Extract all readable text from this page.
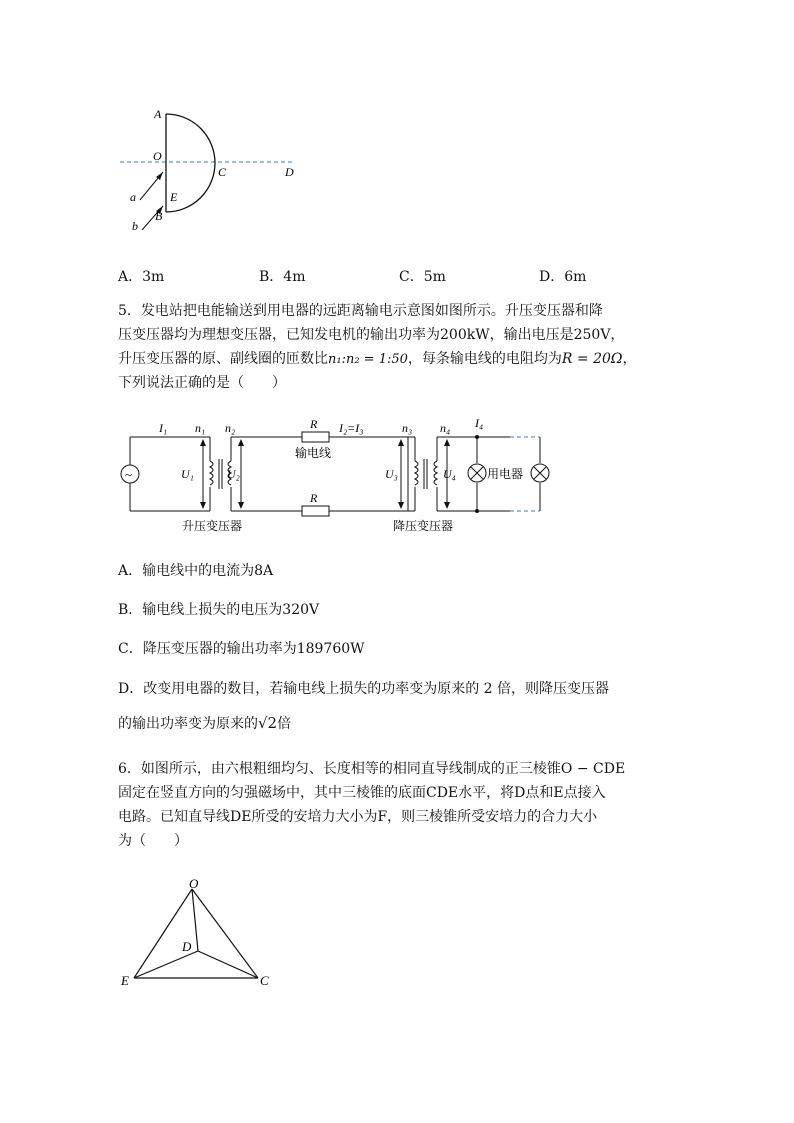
A
O
E
B
C	D
a
b
A．3m	B．4m	C．5m	D．6m
5．发电站把电能输送到用电器的远距离输电示意图如图所示。升压变压器和降
压变压器均为理想变压器，已知发电机的输出功率为200kW，输出电压是250V，
升压变压器的原、副线圈的匝数比n₁:n₂ = 1:50，每条输电线的电阻均为R = 20Ω，
下列说法正确的是（　　）
~
I₁ n₁ n₂	R I₂=I₃	n₃ n₄ I₄
U₁	U₂	U₃	U₄
输电线
R
用电器
升压变压器	降压变压器
A．输电线中的电流为8A
B．输电线上损失的电压为320V
C．降压变压器的输出功率为189760W
D．改变用电器的数目，若输电线上损失的功率变为原来的 2 倍，则降压变压器
的输出功率变为原来的√2倍
6．如图所示，由六根粗细均匀、长度相等的相同直导线制成的正三棱锥O − CDE
固定在竖直方向的匀强磁场中，其中三棱锥的底面CDE水平，将D点和E点接入
电路。已知直导线DE所受的安培力大小为F，则三棱锥所受安培力的合力大小
为（　　）
O
D
E	C
